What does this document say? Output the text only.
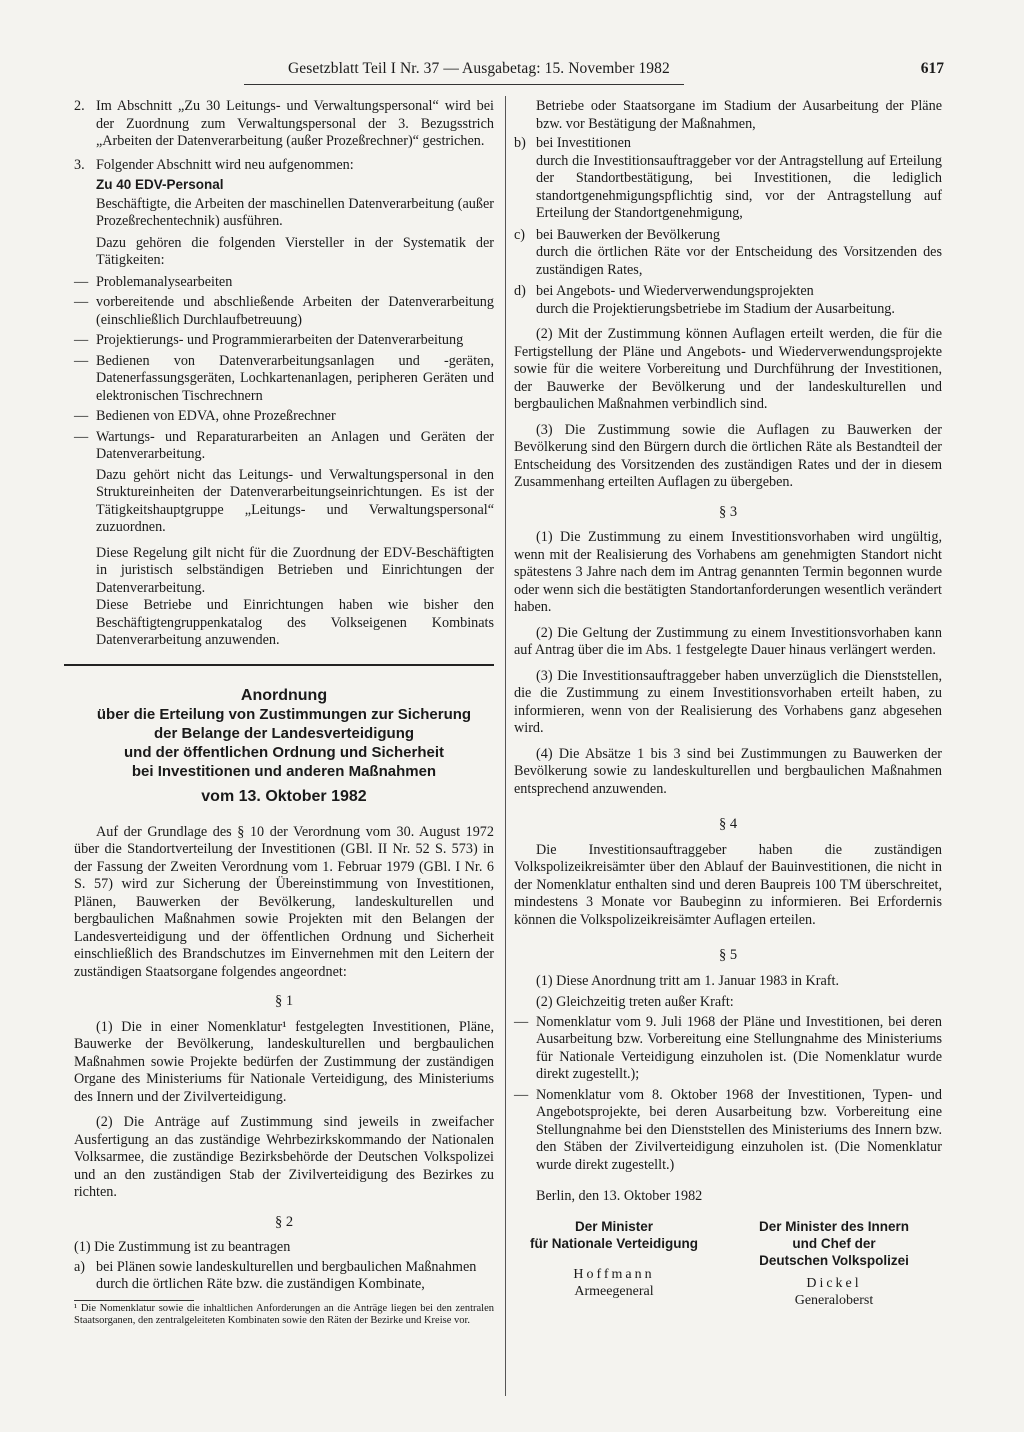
Gesetzblatt Teil I Nr. 37 — Ausgabetag: 15. November 1982	617
2. Im Abschnitt „Zu 30 Leitungs- und Verwaltungspersonal“ wird bei der Zuordnung zum Verwaltungspersonal der 3. Bezugsstrich „Arbeiten der Datenverarbeitung (außer Prozeßrechner)“ gestrichen.
3. Folgender Abschnitt wird neu aufgenommen:
Zu 40 EDV-Personal

Beschäftigte, die Arbeiten der maschinellen Datenverarbeitung (außer Prozeßrechentechnik) ausführen.

Dazu gehören die folgenden Viersteller in der Systematik der Tätigkeiten:

— Problemanalysearbeiten
— vorbereitende und abschließende Arbeiten der Datenverarbeitung (einschließlich Durchlaufbetreuung)
— Projektierungs- und Programmierarbeiten der Datenverarbeitung
— Bedienen von Datenverarbeitungsanlagen und -geräten, Datenerfassungsgeräten, Lochkartenanlagen, peripheren Geräten und elektronischen Tischrechnern
— Bedienen von EDVA, ohne Prozeßrechner
— Wartungs- und Reparaturarbeiten an Anlagen und Geräten der Datenverarbeitung.

Dazu gehört nicht das Leitungs- und Verwaltungspersonal in den Struktureinheiten der Datenverarbeitungseinrichtungen. Es ist der Tätigkeitshauptgruppe „Leitungs- und Verwaltungspersonal“ zuzuordnen.

Diese Regelung gilt nicht für die Zuordnung der EDV-Beschäftigten in juristisch selbständigen Betrieben und Einrichtungen der Datenverarbeitung.

Diese Betriebe und Einrichtungen haben wie bisher den Beschäftigtengruppenkatalog des Volkseigenen Kombinats Datenverarbeitung anzuwenden.

Anordnung
über die Erteilung von Zustimmungen zur Sicherung
der Belange der Landesverteidigung
und der öffentlichen Ordnung und Sicherheit
bei Investitionen und anderen Maßnahmen
vom 13. Oktober 1982

Auf der Grundlage des § 10 der Verordnung vom 30. August 1972 über die Standortverteilung der Investitionen (GBl. II Nr. 52 S. 573) in der Fassung der Zweiten Verordnung vom 1. Februar 1979 (GBl. I Nr. 6 S. 57) wird zur Sicherung der Übereinstimmung von Investitionen, Plänen, Bauwerken der Bevölkerung, landeskulturellen und bergbaulichen Maßnahmen sowie Projekten mit den Belangen der Landesverteidigung und der öffentlichen Ordnung und Sicherheit einschließlich des Brandschutzes im Einvernehmen mit den Leitern der zuständigen Staatsorgane folgendes angeordnet:

§ 1

(1) Die in einer Nomenklatur¹ festgelegten Investitionen, Pläne, Bauwerke der Bevölkerung, landeskulturellen und bergbaulichen Maßnahmen sowie Projekte bedürfen der Zustimmung der zuständigen Organe des Ministeriums für Nationale Verteidigung, des Ministeriums des Innern und der Zivilverteidigung.

(2) Die Anträge auf Zustimmung sind jeweils in zweifacher Ausfertigung an das zuständige Wehrbezirkskommando der Nationalen Volksarmee, die zuständige Bezirksbehörde der Deutschen Volkspolizei und an den zuständigen Stab der Zivilverteidigung des Bezirkes zu richten.

§ 2

(1) Die Zustimmung ist zu beantragen

a) bei Plänen sowie landeskulturellen und bergbaulichen Maßnahmen
durch die örtlichen Räte bzw. die zuständigen Kombinate,
¹ Die Nomenklatur sowie die inhaltlichen Anforderungen an die Anträge liegen bei den zentralen Staatsorganen, den zentralgeleiteten Kombinaten sowie den Räten der Bezirke und Kreise vor.

Betriebe oder Staatsorgane im Stadium der Ausarbeitung der Pläne bzw. vor Bestätigung der Maßnahmen,

b) bei Investitionen
durch die Investitionsauftraggeber vor der Antragstellung auf Erteilung der Standortbestätigung, bei Investitionen, die lediglich standortgenehmigungspflichtig sind, vor der Antragstellung auf Erteilung der Standortgenehmigung,
c) bei Bauwerken der Bevölkerung
durch die örtlichen Räte vor der Entscheidung des Vorsitzenden des zuständigen Rates,
d) bei Angebots- und Wiederverwendungsprojekten
durch die Projektierungsbetriebe im Stadium der Ausarbeitung.

(2) Mit der Zustimmung können Auflagen erteilt werden, die für die Fertigstellung der Pläne und Angebots- und Wiederverwendungsprojekte sowie für die weitere Vorbereitung und Durchführung der Investitionen, der Bauwerke der Bevölkerung und der landeskulturellen und bergbaulichen Maßnahmen verbindlich sind.

(3) Die Zustimmung sowie die Auflagen zu Bauwerken der Bevölkerung sind den Bürgern durch die örtlichen Räte als Bestandteil der Entscheidung des Vorsitzenden des zuständigen Rates und der in diesem Zusammenhang erteilten Auflagen zu übergeben.

§ 3

(1) Die Zustimmung zu einem Investitionsvorhaben wird ungültig, wenn mit der Realisierung des Vorhabens am genehmigten Standort nicht spätestens 3 Jahre nach dem im Antrag genannten Termin begonnen wurde oder wenn sich die bestätigten Standortanforderungen wesentlich verändert haben.

(2) Die Geltung der Zustimmung zu einem Investitionsvorhaben kann auf Antrag über die im Abs. 1 festgelegte Dauer hinaus verlängert werden.

(3) Die Investitionsauftraggeber haben unverzüglich die Dienststellen, die die Zustimmung zu einem Investitionsvorhaben erteilt haben, zu informieren, wenn von der Realisierung des Vorhabens ganz abgesehen wird.

(4) Die Absätze 1 bis 3 sind bei Zustimmungen zu Bauwerken der Bevölkerung sowie zu landeskulturellen und bergbaulichen Maßnahmen entsprechend anzuwenden.

§ 4

Die Investitionsauftraggeber haben die zuständigen Volkspolizeikreisämter über den Ablauf der Bauinvestitionen, die nicht in der Nomenklatur enthalten sind und deren Baupreis 100 TM überschreitet, mindestens 3 Monate vor Baubeginn zu informieren. Bei Erfordernis können die Volkspolizeikreisämter Auflagen erteilen.

§ 5

(1) Diese Anordnung tritt am 1. Januar 1983 in Kraft.

(2) Gleichzeitig treten außer Kraft:

— Nomenklatur vom 9. Juli 1968 der Pläne und Investitionen, bei deren Ausarbeitung bzw. Vorbereitung eine Stellungnahme des Ministeriums für Nationale Verteidigung einzuholen ist. (Die Nomenklatur wurde direkt zugestellt.);
— Nomenklatur vom 8. Oktober 1968 der Investitionen, Typen- und Angebotsprojekte, bei deren Ausarbeitung bzw. Vorbereitung eine Stellungnahme bei den Dienststellen des Ministeriums des Innern bzw. den Stäben der Zivilverteidigung einzuholen ist. (Die Nomenklatur wurde direkt zugestellt.)

Berlin, den 13. Oktober 1982

Der Minister
für Nationale Verteidigung
Hoffmann
Armeegeneral
Der Minister des Innern
und Chef der
Deutschen Volkspolizei
Dickel
Generaloberst
